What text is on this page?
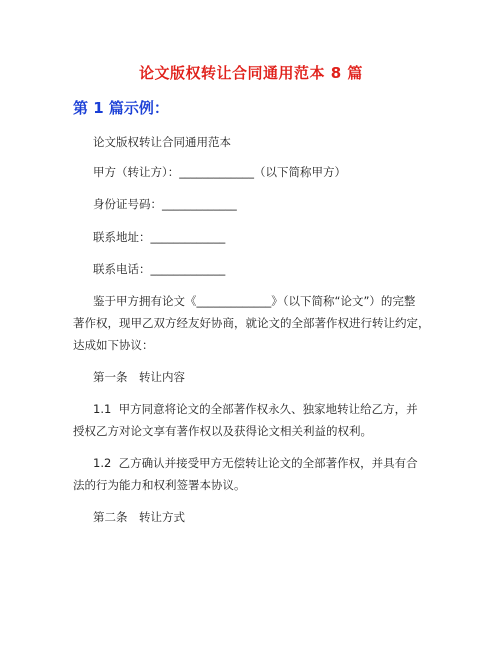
论文版权转让合同通用范本 8 篇
第 1 篇示例：
论文版权转让合同通用范本
甲方（转让方）：_____________（以下简称甲方）
身份证号码：_____________
联系地址：_____________
联系电话：_____________
鉴于甲方拥有论文《_____________》（以下简称“论文”）的完整
著作权，现甲乙双方经友好协商，就论文的全部著作权进行转让约定，
达成如下协议：
第一条　转让内容
1.1  甲方同意将论文的全部著作权永久、独家地转让给乙方，并
授权乙方对论文享有著作权以及获得论文相关利益的权利。
1.2  乙方确认并接受甲方无偿转让论文的全部著作权，并具有合
法的行为能力和权利签署本协议。
第二条　转让方式
